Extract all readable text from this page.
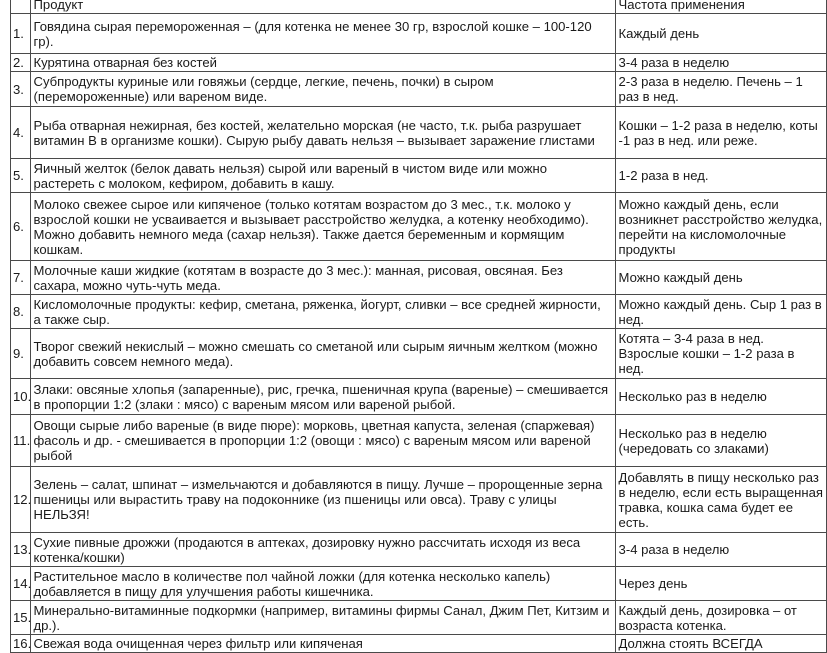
	Продукт	Частота применения
1.	Говядина сырая перемороженная – (для котенка не менее 30 гр, взрослой кошке – 100-120 гр).	Каждый день
2.	Курятина отварная без костей	3-4 раза в неделю
3.	Субпродукты куриные или говяжьи (сердце, легкие, печень, почки) в сыром (перемороженные) или вареном виде.	2-3 раза в неделю. Печень – 1 раз в нед.
4.	Рыба отварная нежирная, без костей, желательно морская (не часто, т.к. рыба разрушает витамин В в организме кошки). Сырую рыбу давать нельзя – вызывает заражение глистами	Кошки – 1-2 раза в неделю, коты -1 раз в нед. или реже.
5.	Яичный желток (белок давать нельзя) сырой или вареный в чистом виде или можно растереть с молоком, кефиром, добавить в кашу.	1-2 раза в нед.
6.	Молоко свежее сырое или кипяченое (только котятам возрастом до 3 мес., т.к. молоко у взрослой кошки не усваивается и вызывает расстройство желудка, а котенку необходимо). Можно добавить немного меда (сахар нельзя). Также дается беременным и кормящим кошкам.	Можно каждый день, если возникнет расстройство желудка, перейти на кисломолочные продукты
7.	Молочные каши жидкие (котятам в возрасте до 3 мес.): манная, рисовая, овсяная. Без сахара, можно чуть-чуть меда.	Можно каждый день
8.	Кисломолочные продукты: кефир, сметана, ряженка, йогурт, сливки – все средней жирности, а также сыр.	Можно каждый день. Сыр 1 раз в нед.
9.	Творог свежий некислый – можно смешать со сметаной или сырым яичным желтком (можно добавить совсем немного меда).	Котята – 3-4 раза в нед. Взрослые кошки – 1-2 раза в нед.
10.	Злаки: овсяные хлопья (запаренные), рис, гречка, пшеничная крупа (вареные) – смешивается в пропорции 1:2 (злаки : мясо) с вареным мясом или вареной рыбой.	Несколько раз в неделю
11.	Овощи сырые либо вареные (в виде пюре): морковь, цветная капуста, зеленая (спаржевая) фасоль и др. - смешивается в пропорции 1:2 (овощи : мясо) с вареным мясом или вареной рыбой	Несколько раз в неделю (чередовать со злаками)
12.	Зелень – салат, шпинат – измельчаются и добавляются в пищу. Лучше – пророщенные зерна пшеницы или вырастить траву на подоконнике (из пшеницы или овса). Траву с улицы НЕЛЬЗЯ!	Добавлять в пищу несколько раз в неделю, если есть выращенная травка, кошка сама будет ее есть.
13.	Сухие пивные дрожжи (продаются в аптеках, дозировку нужно рассчитать исходя из веса котенка/кошки)	3-4 раза в неделю
14.	Растительное масло в количестве пол чайной ложки (для котенка несколько капель) добавляется в пищу для улучшения работы кишечника.	Через день
15.	Минерально-витаминные подкормки (например, витамины фирмы Санал, Джим Пет, Китзим и др.).	Каждый день, дозировка – от возраста котенка.
16.	Свежая вода очищенная через фильтр или кипяченая	Должна стоять ВСЕГДА
